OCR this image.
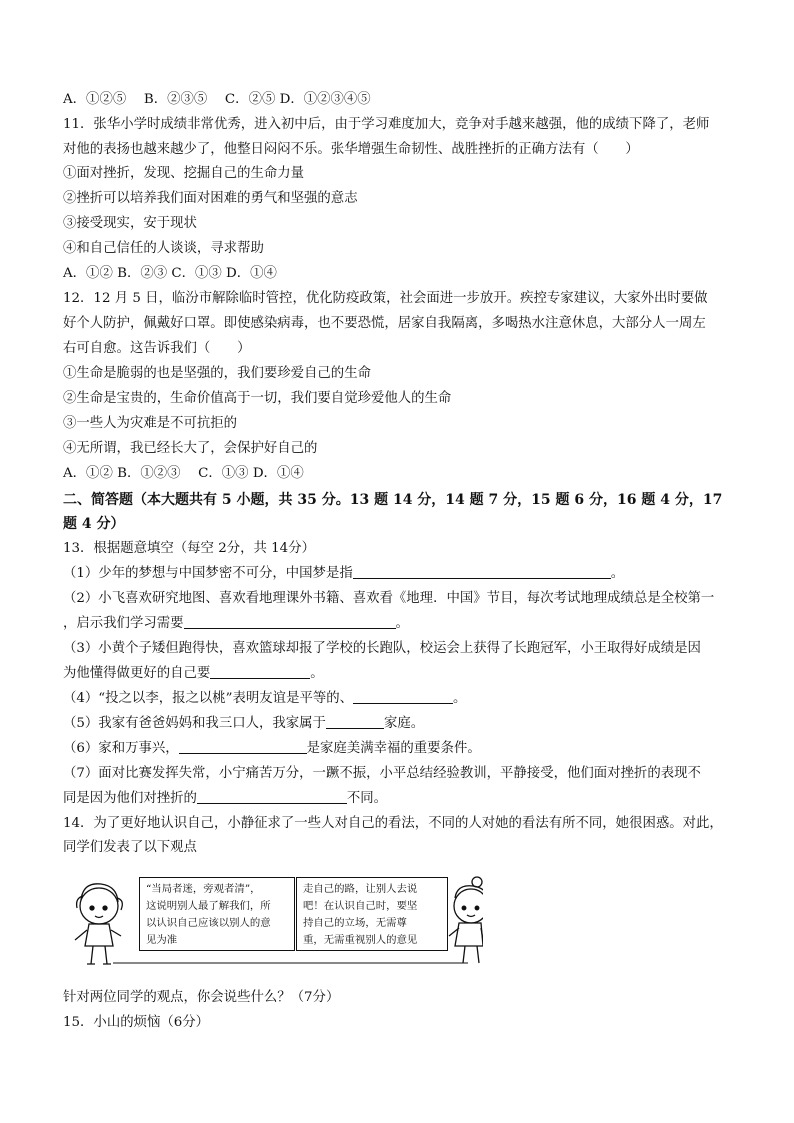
A．①②⑤　 B．②③⑤　 C．②⑤ D．①②③④⑤
11．张华小学时成绩非常优秀，进入初中后，由于学习难度加大，竞争对手越来越强，他的成绩下降了，老师
对他的表扬也越来越少了，他整日闷闷不乐。张华增强生命韧性、战胜挫折的正确方法有（　　）
①面对挫折，发现、挖掘自己的生命力量
②挫折可以培养我们面对困难的勇气和坚强的意志
③接受现实，安于现状
④和自己信任的人谈谈，寻求帮助
A．①② B．②③ C．①③ D．①④
12．12 月 5 日，临汾市解除临时管控，优化防疫政策，社会面进一步放开。疾控专家建议，大家外出时要做
好个人防护，佩戴好口罩。即使感染病毒，也不要恐慌，居家自我隔离，多喝热水注意休息，大部分人一周左
右可自愈。这告诉我们（　　）
①生命是脆弱的也是坚强的，我们要珍爱自己的生命
②生命是宝贵的，生命价值高于一切，我们要自觉珍爱他人的生命
③一些人为灾难是不可抗拒的
④无所谓，我已经长大了，会保护好自己的
A．①② B．①②③　 C．①③ D．①④
二、简答题（本大题共有 5 小题，共 35 分。13 题 14 分，14 题 7 分，15 题 6 分，16 题 4 分，17
题 4 分）
13．根据题意填空（每空 2分，共 14分）
（1）少年的梦想与中国梦密不可分，中国梦是指	。
（2）小飞喜欢研究地图、喜欢看地理课外书籍、喜欢看《地理．中国》节目，每次考试地理成绩总是全校第一
，启示我们学习需要	。
（3）小黄个子矮但跑得快，喜欢篮球却报了学校的长跑队，校运会上获得了长跑冠军，小王取得好成绩是因
为他懂得做更好的自己要	。
（4）“投之以李，报之以桃”表明友谊是平等的、	。
（5）我家有爸爸妈妈和我三口人，我家属于	家庭。
（6）家和万事兴，	是家庭美满幸福的重要条件。
（7）面对比赛发挥失常，小宁痛苦万分，一蹶不振，小平总结经验教训，平静接受，他们面对挫折的表现不
同是因为他们对挫折的	不同。
14．为了更好地认识自己，小静征求了一些人对自己的看法，不同的人对她的看法有所不同，她很困惑。对此，
同学们发表了以下观点
“当局者迷，旁观者清”，
这说明别人最了解我们，所
以认识自己应该以别人的意
见为准
走自己的路，让别人去说
吧！在认识自己时，要坚
持自己的立场，无需尊
重，无需重视别人的意见
针对两位同学的观点，你会说些什么？（7分）
15．小山的烦恼（6分）
